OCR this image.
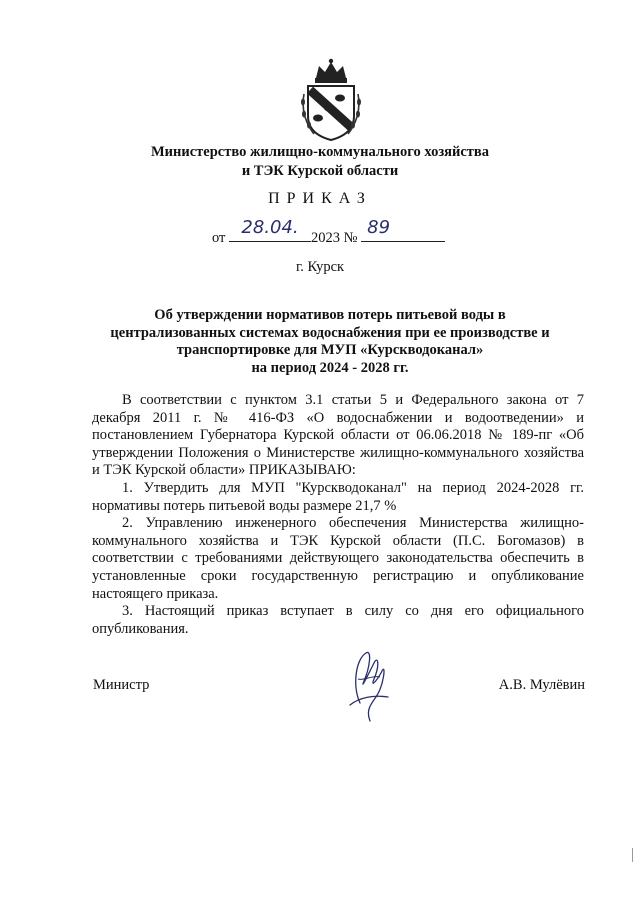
Министерство жилищно-коммунального хозяйства
и ТЭК Курской области
ПРИКАЗ
от 28.04. 2023 № 89
г. Курск
Об утверждении нормативов потерь питьевой воды в
централизованных системах водоснабжения при ее производстве и
транспортировке для МУП «Курскводоканал»
на период 2024 - 2028 гг.

В соответствии с пунктом 3.1 статьи 5 и Федерального закона от 7 декабря 2011 г. № 416-ФЗ «О водоснабжении и водоотведении» и постановлением Губернатора Курской области от 06.06.2018 № 189-пг «Об утверждении Положения о Министерстве жилищно-коммунального хозяйства и ТЭК Курской области» ПРИКАЗЫВАЮ:

1. Утвердить для МУП "Курскводоканал" на период 2024-2028 гг. нормативы потерь питьевой воды размере 21,7 %

2. Управлению инженерного обеспечения Министерства жилищно-коммунального хозяйства и ТЭК Курской области (П.С. Богомазов) в соответствии с требованиями действующего законодательства обеспечить в установленные сроки государственную регистрацию и опубликование настоящего приказа.

3. Настоящий приказ вступает в силу со дня его официального опубликования.

Министр	А.В. Мулёвин
